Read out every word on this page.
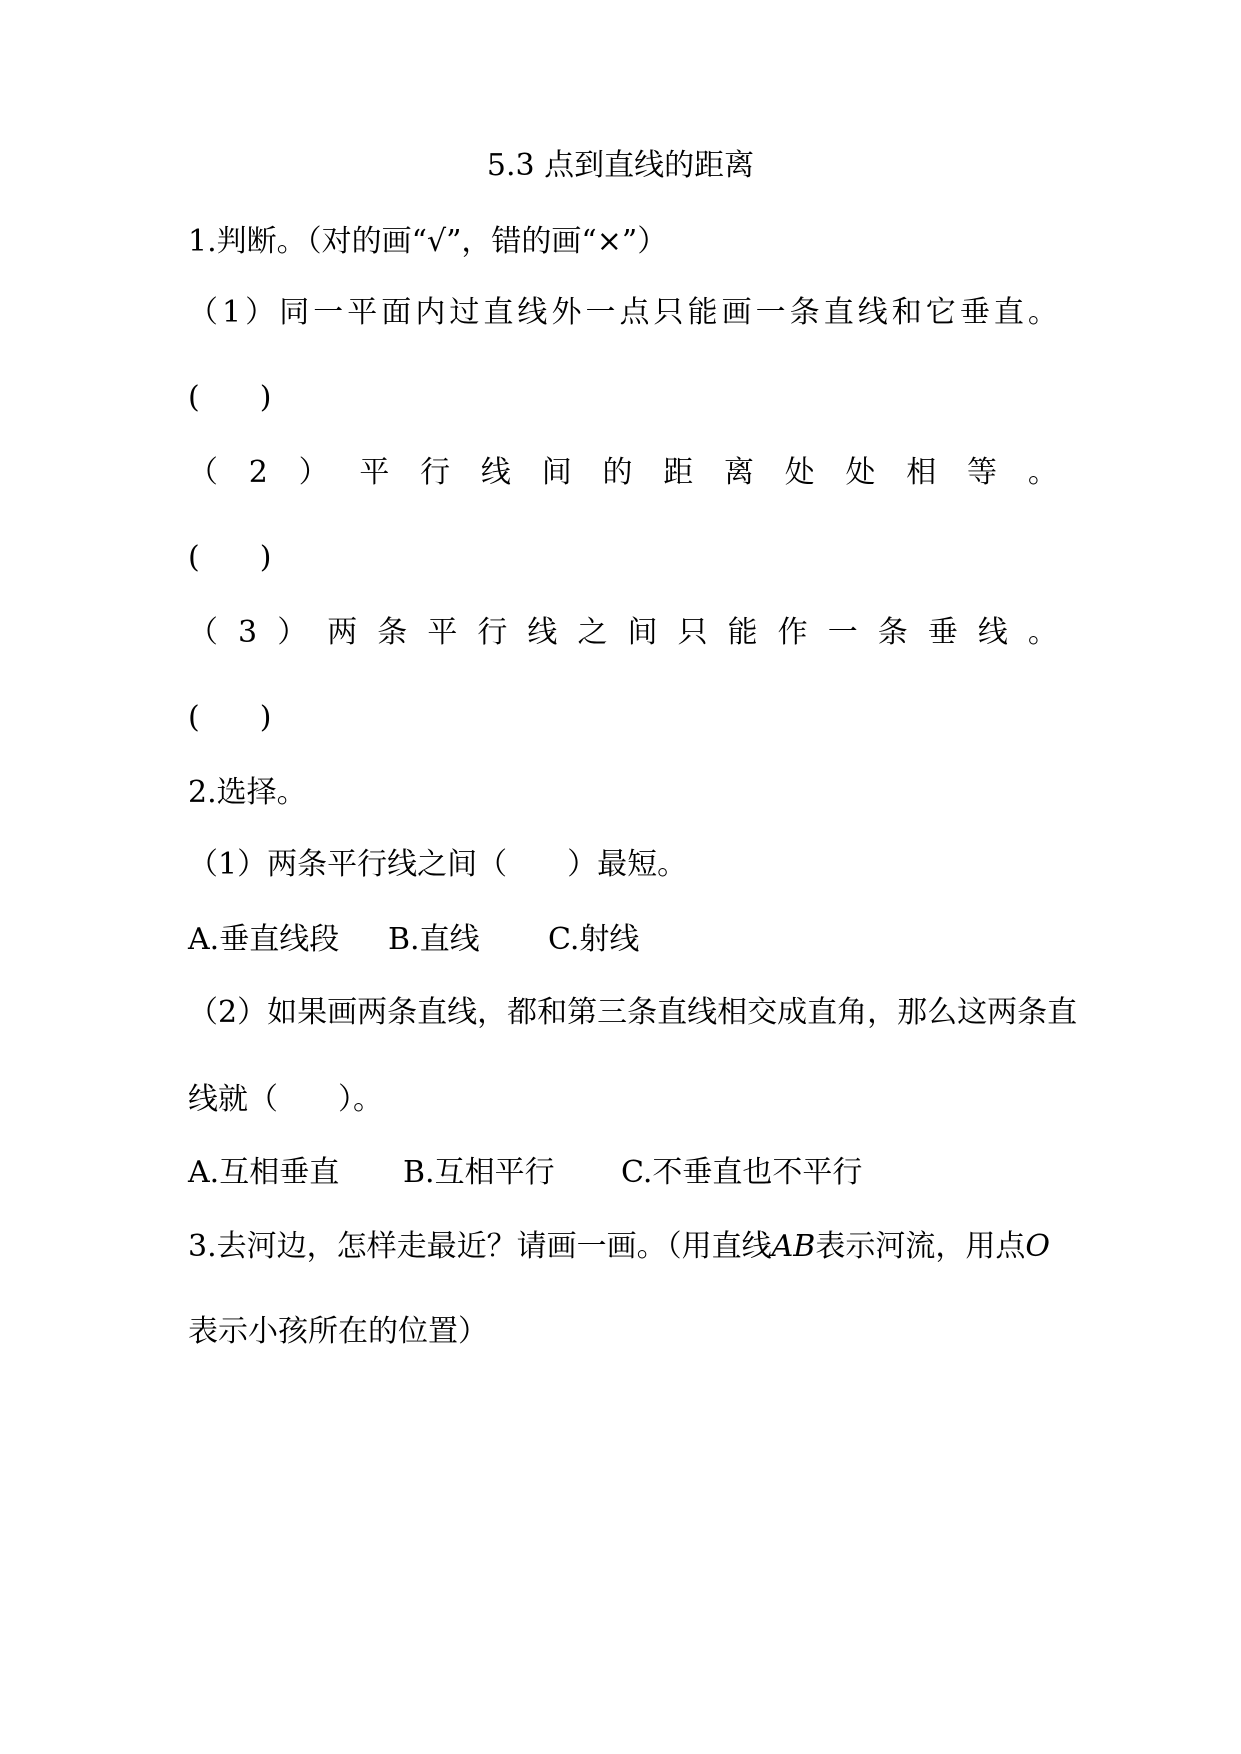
5.3 点到直线的距离
1.判断。（对的画“√”，错的画“×”）
（ 1 ） 同 一 平 面 内 过 直 线 外 一 点 只 能 画 一 条 直 线 和 它 垂 直 。
(　　)
（ 2 ） 平 行 线 间 的 距 离 处 处 相 等 。
(　　)
（ 3 ） 两 条 平 行 线 之 间 只 能 作 一 条 垂 线 。
(　　)
2.选择。
（1）两条平行线之间（　　）最短。
A.垂直线段 B.直线 C.射线
（2）如果画两条直线，都和第三条直线相交成直角，那么这两条直
线就（　　）。
A.互相垂直 B.互相平行 C.不垂直也不平行
3.去河边，怎样走最近？请画一画。（用直线AB表示河流，用点O
表示小孩所在的位置）
